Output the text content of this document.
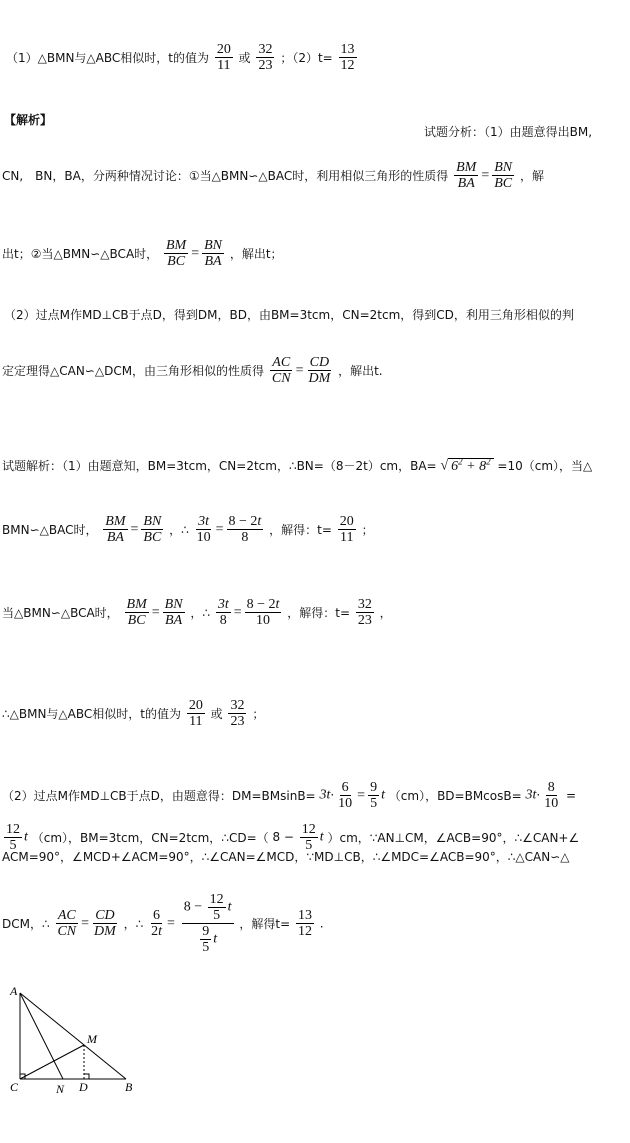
（1）△BMN与△ABC相似时，t的值为 $\frac{20}{11}$ 或 $\frac{32}{23}$ ；$(2)t= \frac{13}{12}$
【解析】
试题分析：（1）由题意得出BM,
CN,　BN，BA，分两种情况讨论：①当△BMN∽△BAC时，利用相似三角形的性质得 $\frac{BM}{BA} = \frac{BN}{BC}$ ，解
出t；②当△BMN∽△BCA时， $\frac{BM}{BC} = \frac{BN}{BA}$ ，解出t；
（2）过点M作MD⊥CB于点D，得到DM，BD，由BM=3tcm，CN=2tcm，得到CD，利用三角形相似的判
定定理得△CAN∽△DCM，由三角形相似的性质得 $\frac{AC}{CN} = \frac{CD}{DM}$ ，解出t.
试题解析：（1）由题意知，BM=3tcm，CN=2tcm，∴BN=（8－2t）cm，BA= √ $6^2 + 8^2 =10(cm)$，当△
BMN∽△BAC时， $\frac{BM}{BA} = \frac{BN}{BC}$ ，∴ $\frac{3t}{10} = \frac{8 - 2t}{8}$ ，解得：$t= \frac{20}{11}$ ；
当△BMN∽△BCA时， $\frac{BM}{BC} = \frac{BN}{BA}$ ，∴ $\frac{3t}{8} = \frac{8 - 2t}{10}$ ，解得：$t= \frac{32}{23}$ ，
∴△BMN与△ABC相似时，t的值为 $\frac{20}{11}$ 或 $\frac{32}{23}$ ；
（2）过点M作MD⊥CB于点D，由题意得：$DM=BMsinB= 3t\cdot \frac{6}{10} = \frac{9}{5}$ t （cm），$BD=BMcosB= 3t\cdot \frac{8}{10}$ =
$\frac{12}{5}$ t （cm），BM=3tcm，CN=2tcm，∴CD=（ $8 - \frac{12}{5}$ t ）cm，∵AN⊥CM，∠ACB=90°，∴∠CAN+∠
ACM=90°，∠MCD+∠ACM=90°，∴∠CAN=∠MCD，∵MD⊥CB，∴∠MDC=∠ACB=90°，∴△CAN∽△
DCM，∴ $\frac{AC}{CN} = \frac{CD}{DM}$ ，∴ $\frac{6}{2t} = \frac{8 - \frac{12}{5} t}{\frac{9}{5} t}$ ，解得$t= \frac{13}{12}$ .
A
M
C	N D	B
